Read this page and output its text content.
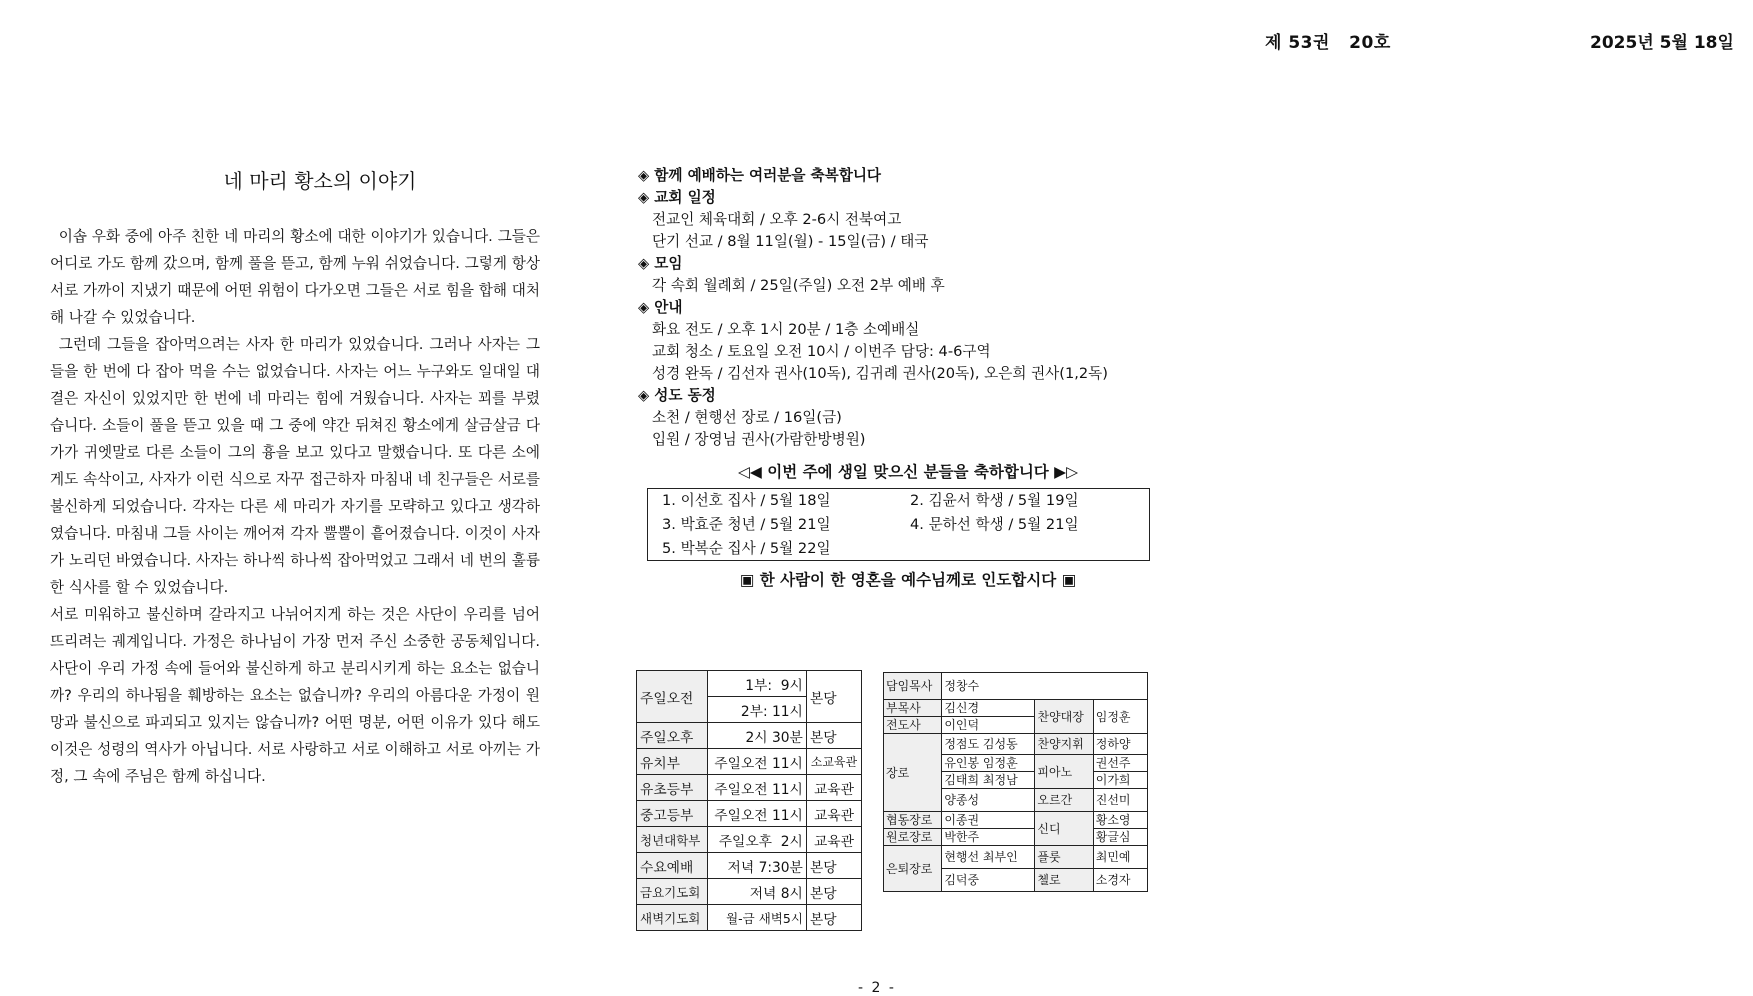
제 53권   20호	2025년 5월 18일
네 마리 황소의 이야기

이솝 우화 중에 아주 친한 네 마리의 황소에 대한 이야기가 있습니다. 그들은 어디로 가도 함께 갔으며, 함께 풀을 뜯고, 함께 누워 쉬었습니다. 그렇게 항상 서로 가까이 지냈기 때문에 어떤 위험이 다가오면 그들은 서로 힘을 합해 대처해 나갈 수 있었습니다.

그런데 그들을 잡아먹으려는 사자 한 마리가 있었습니다. 그러나 사자는 그들을 한 번에 다 잡아 먹을 수는 없었습니다. 사자는 어느 누구와도 일대일 대결은 자신이 있었지만 한 번에 네 마리는 힘에 겨웠습니다. 사자는 꾀를 부렸습니다. 소들이 풀을 뜯고 있을 때 그 중에 약간 뒤쳐진 황소에게 살금살금 다가가 귀엣말로 다른 소들이 그의 흉을 보고 있다고 말했습니다. 또 다른 소에게도 속삭이고, 사자가 이런 식으로 자꾸 접근하자 마침내 네 친구들은 서로를 불신하게 되었습니다. 각자는 다른 세 마리가 자기를 모략하고 있다고 생각하였습니다. 마침내 그들 사이는 깨어져 각자 뿔뿔이 흩어졌습니다. 이것이 사자가 노리던 바였습니다. 사자는 하나씩 하나씩 잡아먹었고 그래서 네 번의 훌륭한 식사를 할 수 있었습니다.

서로 미워하고 불신하며 갈라지고 나뉘어지게 하는 것은 사단이 우리를 넘어뜨리려는 궤계입니다. 가정은 하나님이 가장 먼저 주신 소중한 공동체입니다. 사단이 우리 가정 속에 들어와 불신하게 하고 분리시키게 하는 요소는 없습니까? 우리의 하나됨을 훼방하는 요소는 없습니까? 우리의 아름다운 가정이 원망과 불신으로 파괴되고 있지는 않습니까? 어떤 명분, 어떤 이유가 있다 해도 이것은 성령의 역사가 아닙니다. 서로 사랑하고 서로 이해하고 서로 아끼는 가정, 그 속에 주님은 함께 하십니다.

◈ 함께 예배하는 여러분을 축복합니다
◈ 교회 일정
전교인 체육대회 / 오후 2-6시 전북여고
단기 선교 / 8월 11일(월) - 15일(금) / 태국
◈ 모임
각 속회 월례회 / 25일(주일) 오전 2부 예배 후
◈ 안내
화요 전도 / 오후 1시 20분 / 1층 소예배실
교회 청소 / 토요일 오전 10시 / 이번주 담당: 4-6구역
성경 완독 / 김선자 권사(10독), 김귀례 권사(20독), 오은희 권사(1,2독)
◈ 성도 동정
소천 / 현행선 장로 / 16일(금)
입원 / 장영님 권사(가람한방병원)
◁◀ 이번 주에 생일 맞으신 분들을 축하합니다 ▶▷
1. 이선호 집사 / 5월 18일	2. 김윤서 학생 / 5월 19일
3. 박효준 청년 / 5월 21일	4. 문하선 학생 / 5월 21일
5. 박복순 집사 / 5월 22일
▣ 한 사람이 한 영혼을 예수님께로 인도합시다 ▣
주일오전	1부:  9시	본당
	2부: 11시	
주일오후	2시 30분	본당
유치부	주일오전 11시	소교육관
유초등부	주일오전 11시	교육관
중고등부	주일오전 11시	교육관
청년대학부	주일오후  2시	교육관
수요예배	저녁 7:30분	본당
금요기도회	저녁 8시	본당
새벽기도회	월-금 새벽5시	본당
담임목사	정창수		
부목사	김신경	찬양대장	임정훈
전도사	이인덕		
장로	정점도 김성동	찬양지휘	정하양
	유인봉 임정훈	피아노	권선주
	김태희 최정남		이가희
	양종성	오르간	진선미
협동장로	이종권	신디	황소영
원로장로	박한주		황글심
은퇴장로	현행선 최부인	플룻	최민예
	김덕중	첼로	소경자
- 2 -
